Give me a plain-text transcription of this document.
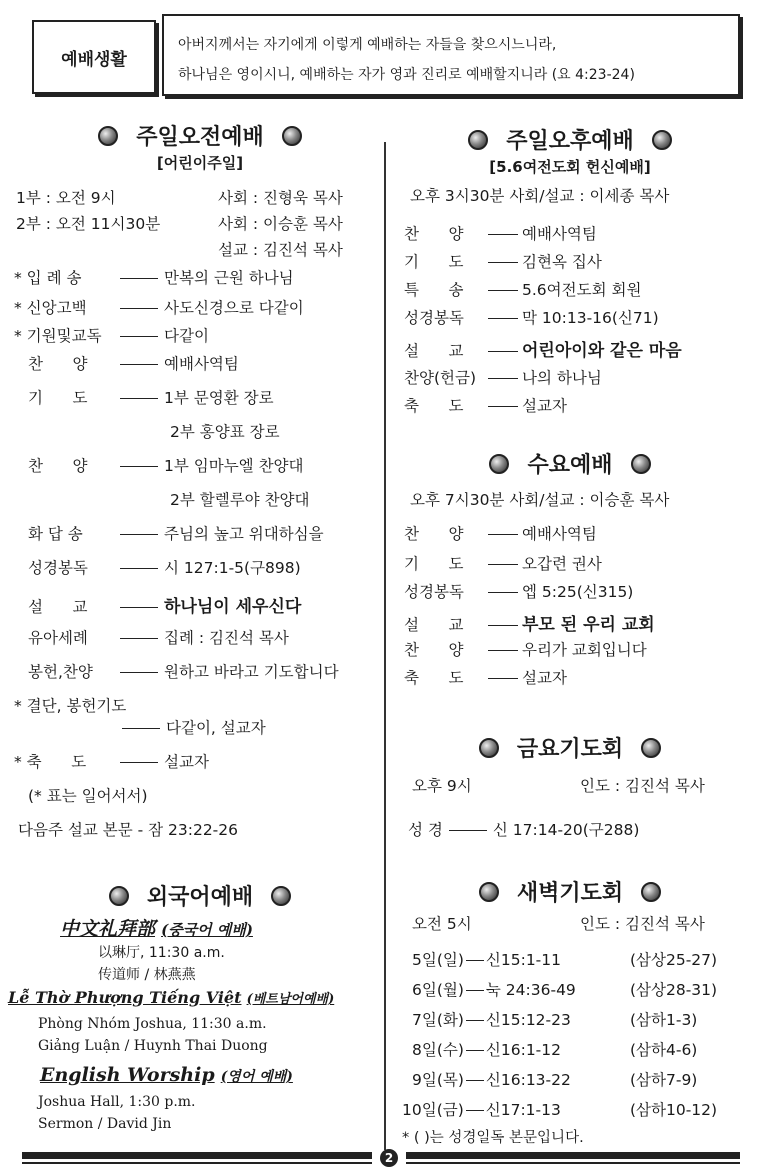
예배생활
아버지께서는 자기에게 이렇게 예배하는 자들을 찾으시느니라,
하나님은 영이시니, 예배하는 자가 영과 진리로 예배할지니라 (요 4:23-24)
주일오전예배
[어린이주일]
1부 : 오전 9시	사회 : 진형욱 목사
2부 : 오전 11시30분	사회 : 이승훈 목사
설교 : 김진석 목사
* 입 례 송	만복의 근원 하나님
* 신앙고백	사도신경으로 다같이
* 기원및교독	다같이
찬      양	예배사역팀
기      도	1부 문영환 장로
2부 홍양표 장로
찬      양	1부 임마누엘 찬양대
2부 할렐루야 찬양대
화 답 송	주님의 높고 위대하심을
성경봉독	시 127:1-5(구898)
설      교	하나님이 세우신다
유아세례	집례 : 김진석 목사
봉헌,찬양	원하고 바라고 기도합니다
* 결단, 봉헌기도
다같이, 설교자
* 축      도	설교자
(* 표는 일어서서)
다음주 설교 본문 - 잠 23:22-26
외국어예배
中文礼拜部 (중국어 예배)
以琳厅, 11:30 a.m.
传道师 / 林燕燕
Lễ Thờ Phượng Tiếng Việt (베트남어예배)
Phòng Nhóm Joshua, 11:30 a.m.
Giảng Luận / Huynh Thai Duong
English Worship (영어 예배)
Joshua Hall, 1:30 p.m.
Sermon / David Jin
주일오후예배
[5.6여전도회 헌신예배]
오후 3시30분 사회/설교 : 이세종 목사
찬      양	예배사역팀
기      도	김현옥 집사
특      송	5.6여전도회 회원
성경봉독	막 10:13-16(신71)
설      교	어린아이와 같은 마음
찬양(헌금)	나의 하나님
축      도	설교자
수요예배
오후 7시30분 사회/설교 : 이승훈 목사
찬      양	예배사역팀
기      도	오갑련 권사
성경봉독	엡 5:25(신315)
설      교	부모 된 우리 교회
찬      양	우리가 교회입니다
축      도	설교자
금요기도회
오후 9시	인도 : 김진석 목사
성 경	신 17:14-20(구288)
새벽기도회
오전 5시	인도 : 김진석 목사
5일(일) 신15:1-11	(삼상25-27)
6일(월) 눅 24:36-49	(삼상28-31)
7일(화) 신15:12-23	(삼하1-3)
8일(수) 신16:1-12	(삼하4-6)
9일(목) 신16:13-22	(삼하7-9)
10일(금) 신17:1-13	(삼하10-12)
* ( )는 성경일독 본문입니다.
2
